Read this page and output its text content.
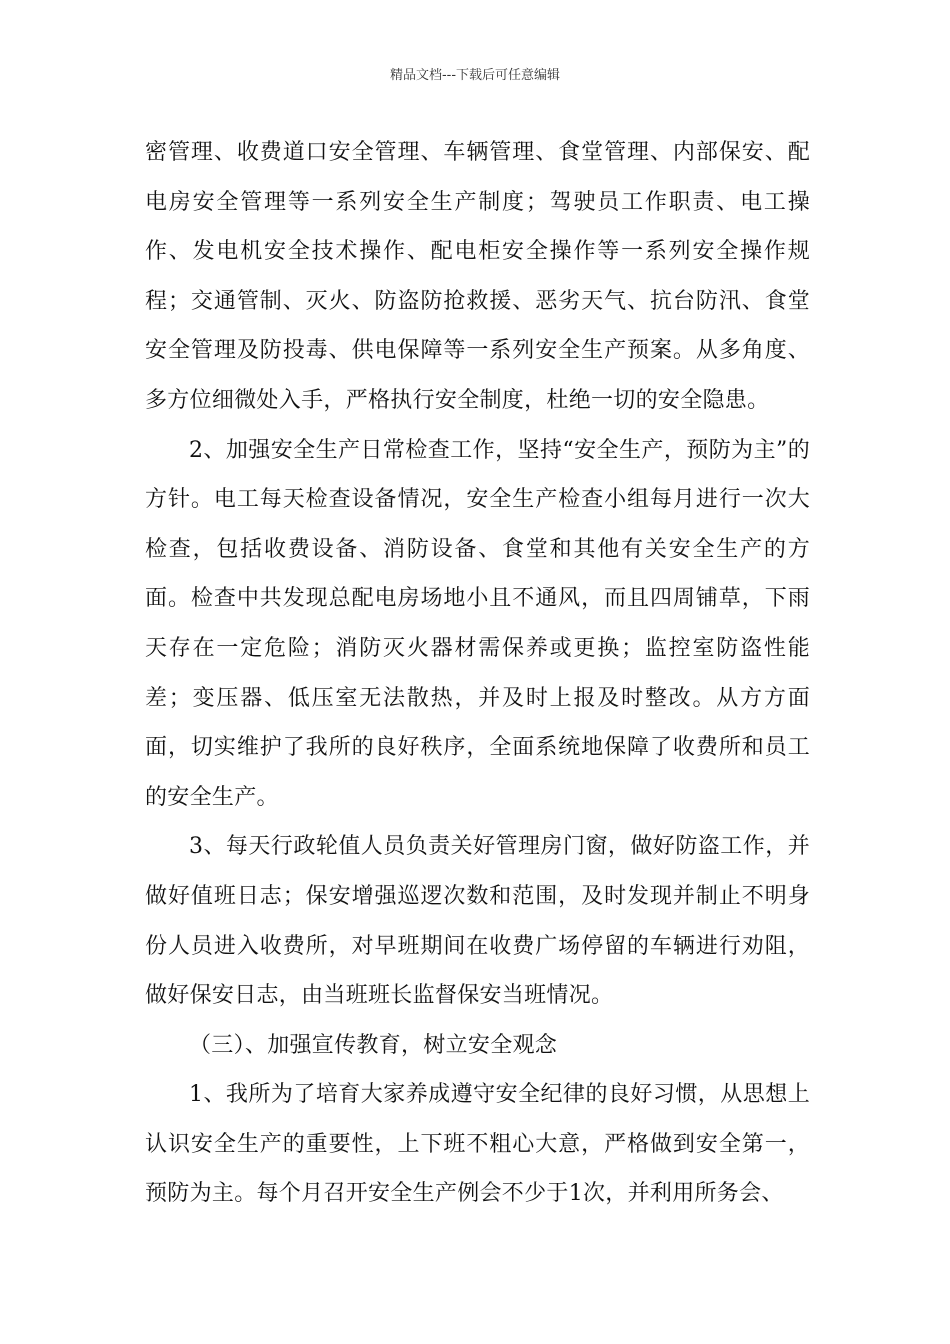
精品文档---下载后可任意编辑

密管理、收费道口安全管理、车辆管理、食堂管理、内部保安、配电房安全管理等一系列安全生产制度；驾驶员工作职责、电工操作、发电机安全技术操作、配电柜安全操作等一系列安全操作规程；交通管制、灭火、防盗防抢救援、恶劣天气、抗台防汛、食堂安全管理及防投毒、供电保障等一系列安全生产预案。从多角度、多方位细微处入手，严格执行安全制度，杜绝一切的安全隐患。

2、加强安全生产日常检查工作，坚持“安全生产，预防为主”的方针。电工每天检查设备情况，安全生产检查小组每月进行一次大检查，包括收费设备、消防设备、食堂和其他有关安全生产的方面。检查中共发现总配电房场地小且不通风，而且四周铺草，下雨天存在一定危险；消防灭火器材需保养或更换；监控室防盗性能差；变压器、低压室无法散热，并及时上报及时整改。从方方面面，切实维护了我所的良好秩序，全面系统地保障了收费所和员工的安全生产。

3、每天行政轮值人员负责关好管理房门窗，做好防盗工作，并做好值班日志；保安增强巡逻次数和范围，及时发现并制止不明身份人员进入收费所，对早班期间在收费广场停留的车辆进行劝阻，做好保安日志，由当班班长监督保安当班情况。

（三）、加强宣传教育，树立安全观念

1、我所为了培育大家养成遵守安全纪律的良好习惯，从思想上认识安全生产的重要性，上下班不粗心大意，严格做到安全第一，预防为主。每个月召开安全生产例会不少于1次，并利用所务会、
